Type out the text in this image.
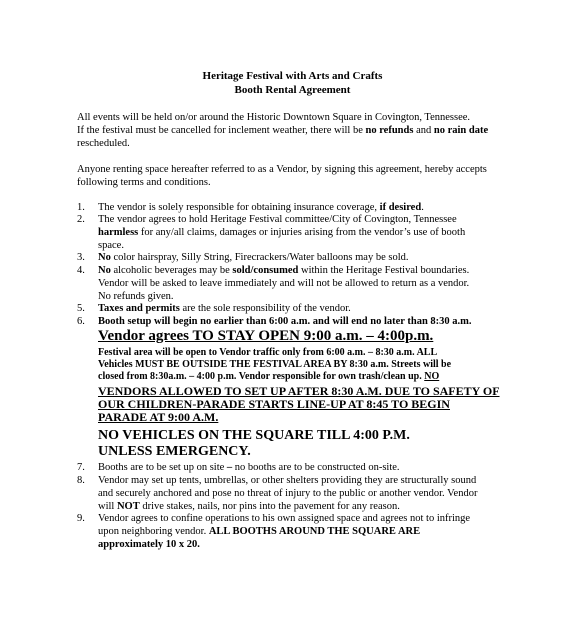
Heritage Festival with Arts and Crafts
Booth Rental Agreement
All events will be held on/or around the Historic Downtown Square in Covington, Tennessee.
If the festival must be cancelled for inclement weather, there will be no refunds and no rain date
rescheduled.
Anyone renting space hereafter referred to as a Vendor, by signing this agreement, hereby accepts
following terms and conditions.
1. The vendor is solely responsible for obtaining insurance coverage, if desired.
2. The vendor agrees to hold Heritage Festival committee/City of Covington, Tennessee
harmless for any/all claims, damages or injuries arising from the vendor’s use of booth
space.
3. No color hairspray, Silly String, Firecrackers/Water balloons may be sold.
4. No alcoholic beverages may be sold/consumed within the Heritage Festival boundaries.
Vendor will be asked to leave immediately and will not be allowed to return as a vendor.
No refunds given.
5. Taxes and permits are the sole responsibility of the vendor.
6. Booth setup will begin no earlier than 6:00 a.m. and will end no later than 8:30 a.m.
Vendor agrees TO STAY OPEN 9:00 a.m. – 4:00p.m.
Festival area will be open to Vendor traffic only from 6:00 a.m. – 8:30 a.m. ALL
Vehicles MUST BE OUTSIDE THE FESTIVAL AREA BY 8:30 a.m. Streets will be
closed from 8:30a.m. – 4:00 p.m. Vendor responsible for own trash/clean up. NO
VENDORS ALLOWED TO SET UP AFTER 8:30 A.M. DUE TO SAFETY OF
OUR CHILDREN-PARADE STARTS LINE-UP AT 8:45 TO BEGIN
PARADE AT 9:00 A.M.
NO VEHICLES ON THE SQUARE TILL 4:00 P.M.
UNLESS EMERGENCY.
7. Booths are to be set up on site – no booths are to be constructed on-site.
8. Vendor may set up tents, umbrellas, or other shelters providing they are structurally sound
and securely anchored and pose no threat of injury to the public or another vendor. Vendor
will NOT drive stakes, nails, nor pins into the pavement for any reason.
9. Vendor agrees to confine operations to his own assigned space and agrees not to infringe
upon neighboring vendor. ALL BOOTHS AROUND THE SQUARE ARE
approximately 10 x 20.
